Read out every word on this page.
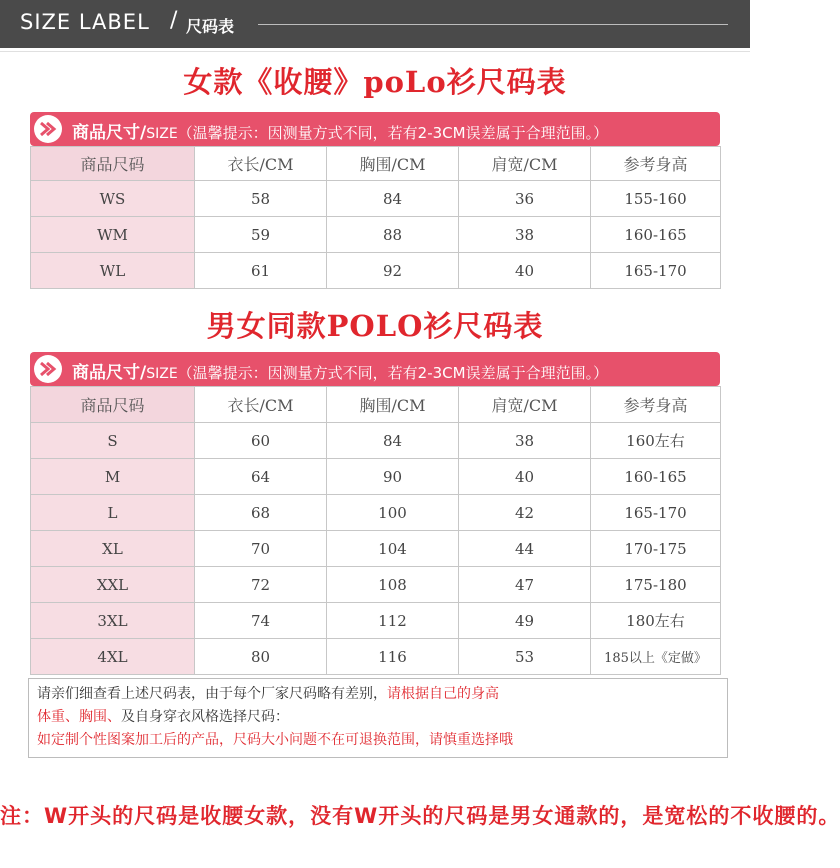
SIZE LABEL / 尺码表
女款《收腰》poLo衫尺码表
商品尺寸/SIZE（温馨提示：因测量方式不同，若有2-3CM误差属于合理范围。）
商品尺码	衣长/CM	胸围/CM	肩宽/CM	参考身高
WS	58	84	36	155-160
WM	59	88	38	160-165
WL	61	92	40	165-170
男女同款POLO衫尺码表
商品尺寸/SIZE（温馨提示：因测量方式不同，若有2-3CM误差属于合理范围。）
商品尺码	衣长/CM	胸围/CM	肩宽/CM	参考身高
S	60	84	38	160左右
M	64	90	40	160-165
L	68	100	42	165-170
XL	70	104	44	170-175
XXL	72	108	47	175-180
3XL	74	112	49	180左右
4XL	80	116	53	185以上《定做》
请亲们细查看上述尺码表，由于每个厂家尺码略有差别，请根据自己的身高
体重、胸围、及自身穿衣风格选择尺码：
如定制个性图案加工后的产品，尺码大小问题不在可退换范围，请慎重选择哦
注：W开头的尺码是收腰女款，没有W开头的尺码是男女通款的，是宽松的不收腰的。
